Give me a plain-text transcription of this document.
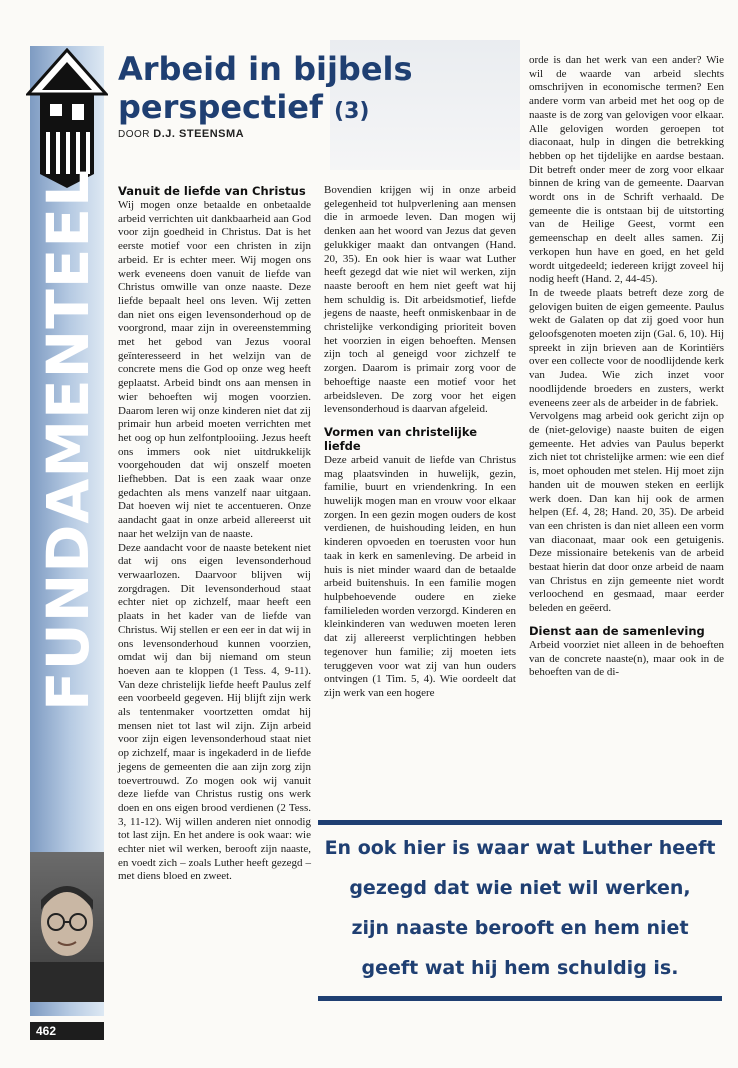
FUNDAMENTEEL
462
Arbeid in bijbels
perspectief (3)
DOOR D.J. STEENSMA
Vanuit de liefde van Christus

Wij mogen onze betaalde en onbetaalde arbeid verrichten uit dankbaarheid aan God voor zijn goedheid in Christus. Dat is het eerste motief voor een christen in zijn arbeid. Er is echter meer. Wij mogen ons werk eveneens doen vanuit de liefde van Christus omwille van onze naaste. Deze liefde bepaalt heel ons leven. Wij zetten dan niet ons eigen levensonderhoud op de voorgrond, maar zijn in overeenstemming met het gebod van Jezus vooral geïnteresseerd in het welzijn van de concrete mens die God op onze weg heeft geplaatst. Arbeid bindt ons aan mensen in wier behoeften wij mogen voorzien. Daarom leren wij onze kinderen niet dat zij primair hun arbeid moeten verrichten met het oog op hun zelfontplooiing. Jezus heeft ons immers ook niet uitdrukkelijk voorgehouden dat wij onszelf moeten liefhebben. Dat is een zaak waar onze gedachten als mens vanzelf naar uitgaan. Dat hoeven wij niet te accentueren. Onze aandacht gaat in onze arbeid allereerst uit naar het welzijn van de naaste.

Deze aandacht voor de naaste betekent niet dat wij ons eigen levensonderhoud verwaarlozen. Daarvoor blijven wij zorgdragen. Dit levensonderhoud staat echter niet op zichzelf, maar heeft een plaats in het kader van de liefde van Christus. Wij stellen er een eer in dat wij in ons levensonderhoud kunnen voorzien, omdat wij dan bij niemand om steun hoeven aan te kloppen (1 Tess. 4, 9-11). Van deze christelijk liefde heeft Paulus zelf een voorbeeld gegeven. Hij blijft zijn werk als tentenmaker voortzetten omdat hij mensen niet tot last wil zijn. Zijn arbeid voor zijn eigen levensonderhoud staat niet op zichzelf, maar is ingekaderd in de liefde jegens de gemeenten die aan zijn zorg zijn toevertrouwd. Zo mogen ook wij vanuit deze liefde van Christus rustig ons werk doen en ons eigen brood verdienen (2 Tess. 3, 11-12). Wij willen anderen niet onnodig tot last zijn. En het andere is ook waar: wie echter niet wil werken, berooft zijn naaste, en voedt zich – zoals Luther heeft gezegd – met diens bloed en zweet.

Bovendien krijgen wij in onze arbeid gelegenheid tot hulpverlening aan mensen die in armoede leven. Dan mogen wij denken aan het woord van Jezus dat geven gelukkiger maakt dan ontvangen (Hand. 20, 35). En ook hier is waar wat Luther heeft gezegd dat wie niet wil werken, zijn naaste berooft en hem niet geeft wat hij hem schuldig is. Dit arbeidsmotief, liefde jegens de naaste, heeft onmiskenbaar in de christelijke verkondiging prioriteit boven het voorzien in eigen behoeften. Mensen zijn toch al geneigd voor zichzelf te zorgen. Daarom is primair zorg voor de behoeftige naaste een motief voor het arbeidsleven. De zorg voor het eigen levensonderhoud is daarvan afgeleid.

Vormen van christelijke liefde

Deze arbeid vanuit de liefde van Christus mag plaatsvinden in huwelijk, gezin, familie, buurt en vriendenkring. In een huwelijk mogen man en vrouw voor elkaar zorgen. In een gezin mogen ouders de kost verdienen, de huishouding leiden, en hun kinderen opvoeden en toerusten voor hun taak in kerk en samenleving. De arbeid in huis is niet minder waard dan de betaalde arbeid buitenshuis. In een familie mogen hulpbehoevende oudere en zieke familieleden worden verzorgd. Kinderen en kleinkinderen van weduwen moeten leren dat zij allereerst verplichtingen hebben tegenover hun familie; zij moeten iets teruggeven voor wat zij van hun ouders ontvingen (1 Tim. 5, 4). Wie oordeelt dat zijn werk van een hogere

orde is dan het werk van een ander? Wie wil de waarde van arbeid slechts omschrijven in economische termen? Een andere vorm van arbeid met het oog op de naaste is de zorg van gelovigen voor elkaar. Alle gelovigen worden geroepen tot diaconaat, hulp in dingen die betrekking hebben op het tijdelijke en aardse bestaan. Dit betreft onder meer de zorg voor elkaar binnen de kring van de gemeente. Daarvan wordt ons in de Schrift verhaald. De gemeente die is ontstaan bij de uitstorting van de Heilige Geest, vormt een gemeenschap en deelt alles samen. Zij verkopen hun have en goed, en het geld wordt uitgedeeld; iedereen krijgt zoveel hij nodig heeft (Hand. 2, 44-45).

In de tweede plaats betreft deze zorg de gelovigen buiten de eigen gemeente. Paulus wekt de Galaten op dat zij goed voor hun geloofsgenoten moeten zijn (Gal. 6, 10). Hij spreekt in zijn brieven aan de Korintiërs over een collecte voor de noodlijdende kerk van Judea. Wie zich inzet voor noodlijdende broeders en zusters, werkt eveneens zeer als de arbeider in de fabriek.

Vervolgens mag arbeid ook gericht zijn op de (niet-gelovige) naaste buiten de eigen gemeente. Het advies van Paulus beperkt zich niet tot christelijke armen: wie een dief is, moet ophouden met stelen. Hij moet zijn handen uit de mouwen steken en eerlijk werk doen. Dan kan hij ook de armen helpen (Ef. 4, 28; Hand. 20, 35). De arbeid van een christen is dan niet alleen een vorm van diaconaat, maar ook een getuigenis. Deze missionaire betekenis van de arbeid bestaat hierin dat door onze arbeid de naam van Christus en zijn gemeente niet wordt verloochend en gesmaad, maar eerder beleden en geëerd.

Dienst aan de samenleving

Arbeid voorziet niet alleen in de behoeften van de concrete naaste(n), maar ook in de behoeften van de di-

En ook hier is waar wat Luther heeft
gezegd dat wie niet wil werken,
zijn naaste berooft en hem niet
geeft wat hij hem schuldig is.
